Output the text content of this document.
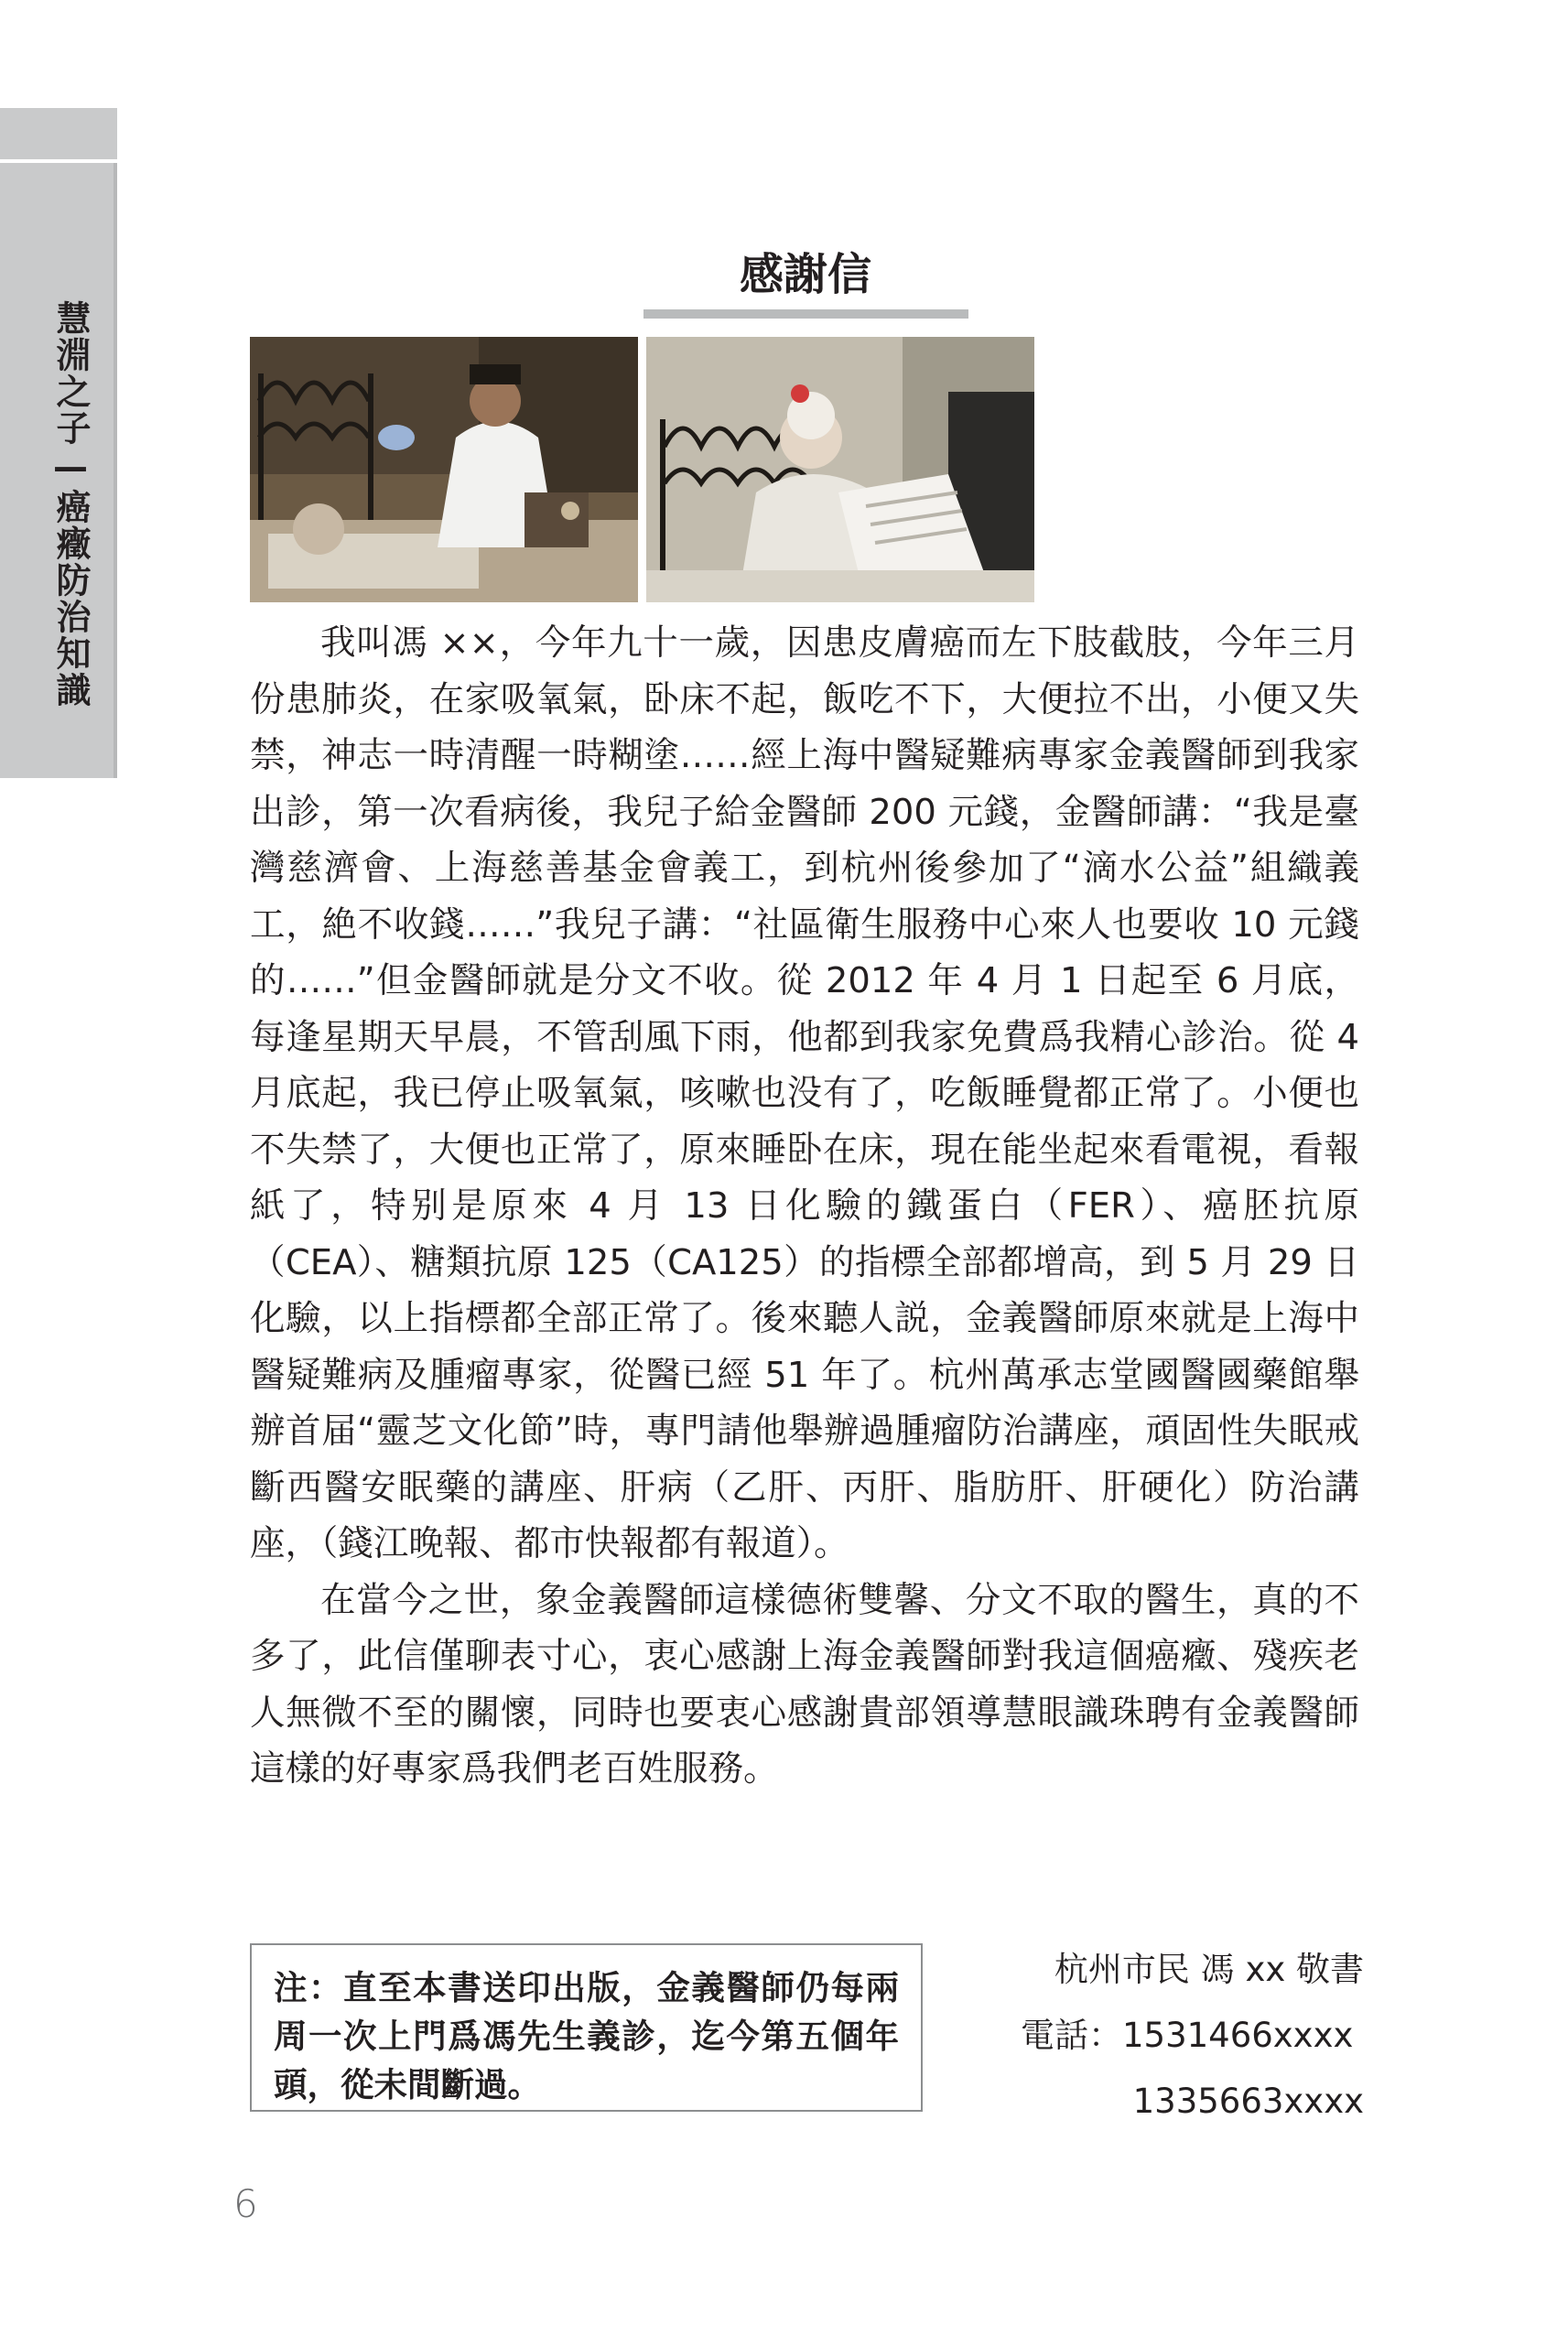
慧淵之子—癌癥防治知識
感謝信

我叫馮 ××，今年九十一歲，因患皮膚癌而左下肢截肢，今年三月份患肺炎，在家吸氧氣，卧床不起，飯吃不下，大便拉不出，小便又失禁，神志一時清醒一時糊塗……經上海中醫疑難病專家金義醫師到我家出診，第一次看病後，我兒子給金醫師 200 元錢，金醫師講：“我是臺灣慈濟會、上海慈善基金會義工，到杭州後參加了“滴水公益”組織義工，絶不收錢……”我兒子講：“社區衛生服務中心來人也要收 10 元錢的……”但金醫師就是分文不收。從 2012 年 4 月 1 日起至 6 月底，每逢星期天早晨，不管刮風下雨，他都到我家免費爲我精心診治。從 4 月底起，我已停止吸氧氣，咳嗽也没有了，吃飯睡覺都正常了。小便也不失禁了，大便也正常了，原來睡卧在床，現在能坐起來看電視，看報紙了，特别是原來 4 月 13 日化驗的鐵蛋白（FER）、癌胚抗原（CEA）、糖類抗原 125（CA125）的指標全部都增高，到 5 月 29 日化驗，以上指標都全部正常了。後來聽人説，金義醫師原來就是上海中醫疑難病及腫瘤專家，從醫已經 51 年了。杭州萬承志堂國醫國藥館舉辦首届“靈芝文化節”時，專門請他舉辦過腫瘤防治講座，頑固性失眠戒斷西醫安眠藥的講座、肝病（乙肝、丙肝、脂肪肝、肝硬化）防治講座，（錢江晚報、都市快報都有報道）。

在當今之世，象金義醫師這樣德術雙馨、分文不取的醫生，真的不多了，此信僅聊表寸心，衷心感謝上海金義醫師對我這個癌癥、殘疾老人無微不至的關懷，同時也要衷心感謝貴部領導慧眼識珠聘有金義醫師這樣的好專家爲我們老百姓服務。

注：直至本書送印出版，金義醫師仍每兩周一次上門爲馮先生義診，迄今第五個年頭，從未間斷過。
杭州市民 馮 xx 敬書
電話：1531466xxxx
1335663xxxx
6
